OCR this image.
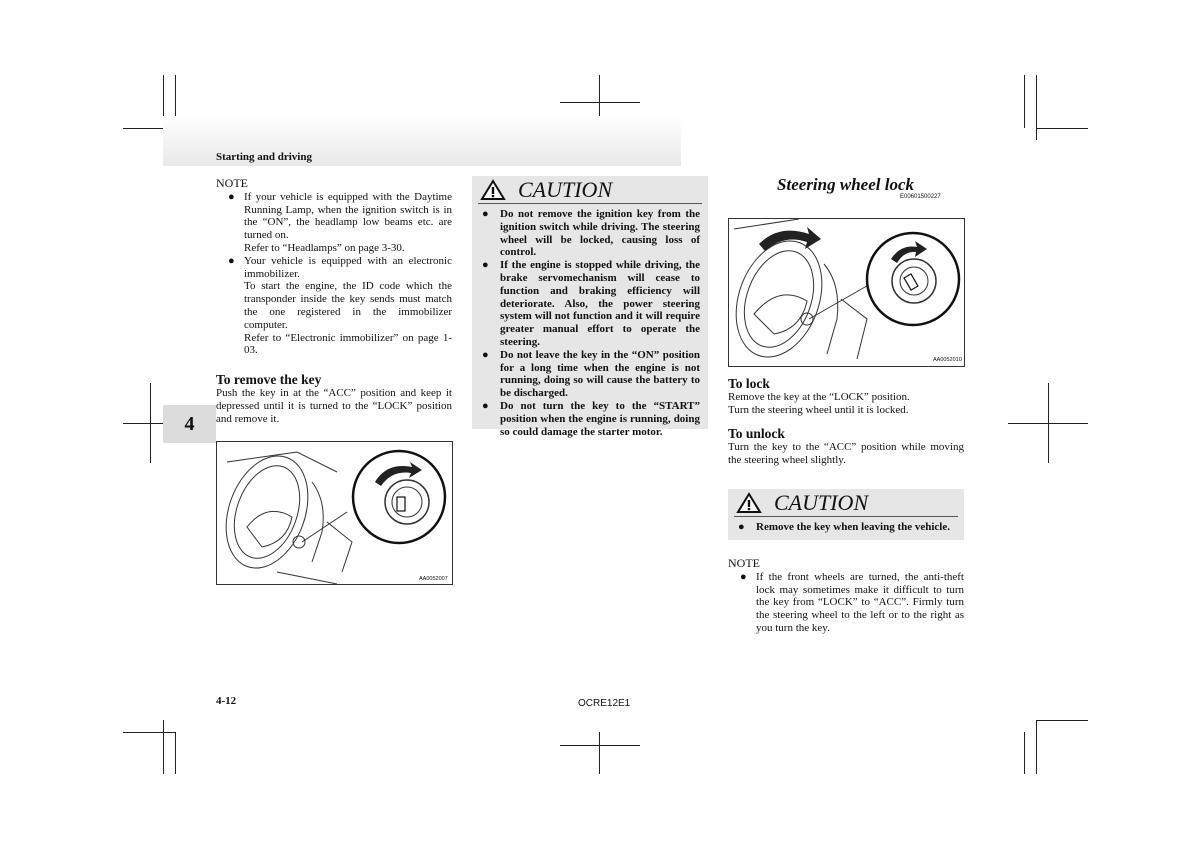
Starting and driving
4
NOTE
● If your vehicle is equipped with the Daytime Running Lamp, when the ignition switch is in the “ON”, the headlamp low beams etc. are turned on.
Refer to “Headlamps” on page 3-30.
● Your vehicle is equipped with an electronic immobilizer.
To start the engine, the ID code which the transponder inside the key sends must match the one registered in the immobilizer computer.
Refer to “Electronic immobilizer” on page 1-03.
To remove the key
Push the key in at the “ACC” position and keep it depressed until it is turned to the “LOCK” position and remove it.
AA0052007
CAUTION
●	Do not remove the ignition key from the ignition switch while driving. The steering wheel will be locked, causing loss of control.
●	If the engine is stopped while driving, the brake servomechanism will cease to function and braking efficiency will deteriorate. Also, the power steering system will not function and it will require greater manual effort to operate the steering.
●	Do not leave the key in the “ON” position for a long time when the engine is not running, doing so will cause the battery to be discharged.
●	Do not turn the key to the “START” position when the engine is running, doing so could damage the starter motor.
Steering wheel lock
E00601500227
AA0052010
To lock
Remove the key at the “LOCK” position.
Turn the steering wheel until it is locked.
To unlock
Turn the key to the “ACC” position while moving the steering wheel slightly.
CAUTION
●	Remove the key when leaving the vehicle.
NOTE
● If the front wheels are turned, the anti-theft lock may sometimes make it difficult to turn the key from “LOCK” to “ACC”. Firmly turn the steering wheel to the left or to the right as you turn the key.
4-12	OCRE12E1
